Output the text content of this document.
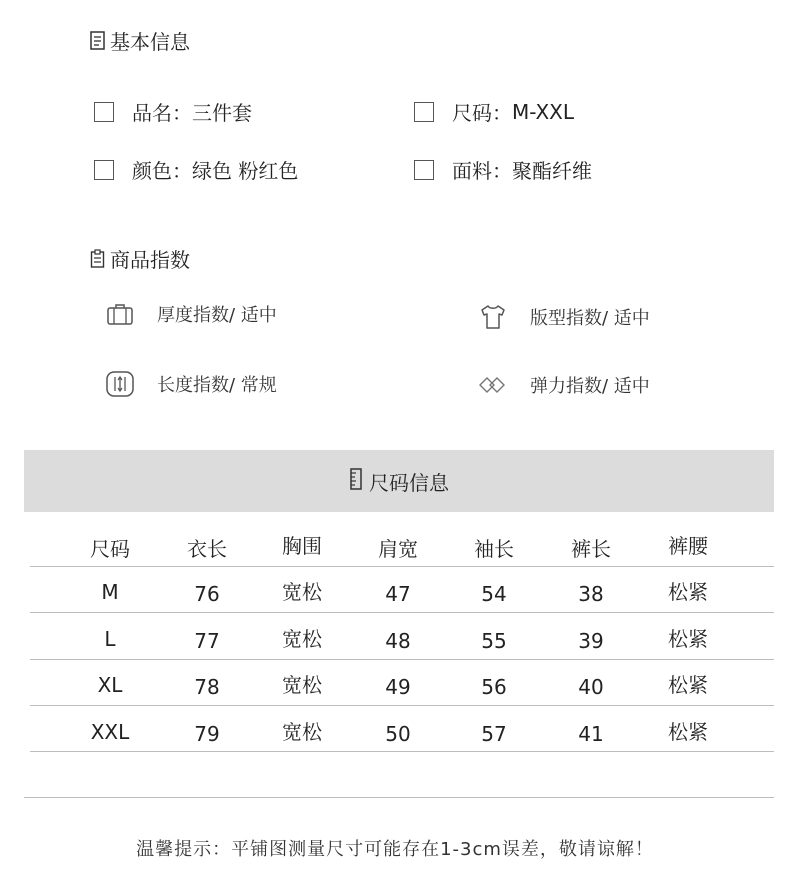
基本信息
品名： 三件套	尺码： M-XXL
颜色： 绿色 粉红色	面料： 聚酯纤维
商品指数
厚度指数/ 适中	版型指数/ 适中
长度指数/ 常规	弹力指数/ 适中
尺码信息
尺码	衣长	胸围	肩宽	袖长	裤长	裤腰
M	76	宽松	47	54	38	松紧
L	77	宽松	48	55	39	松紧
XL	78	宽松	49	56	40	松紧
XXL	79	宽松	50	57	41	松紧
温馨提示：平铺图测量尺寸可能存在1-3cm误差，敬请谅解！
